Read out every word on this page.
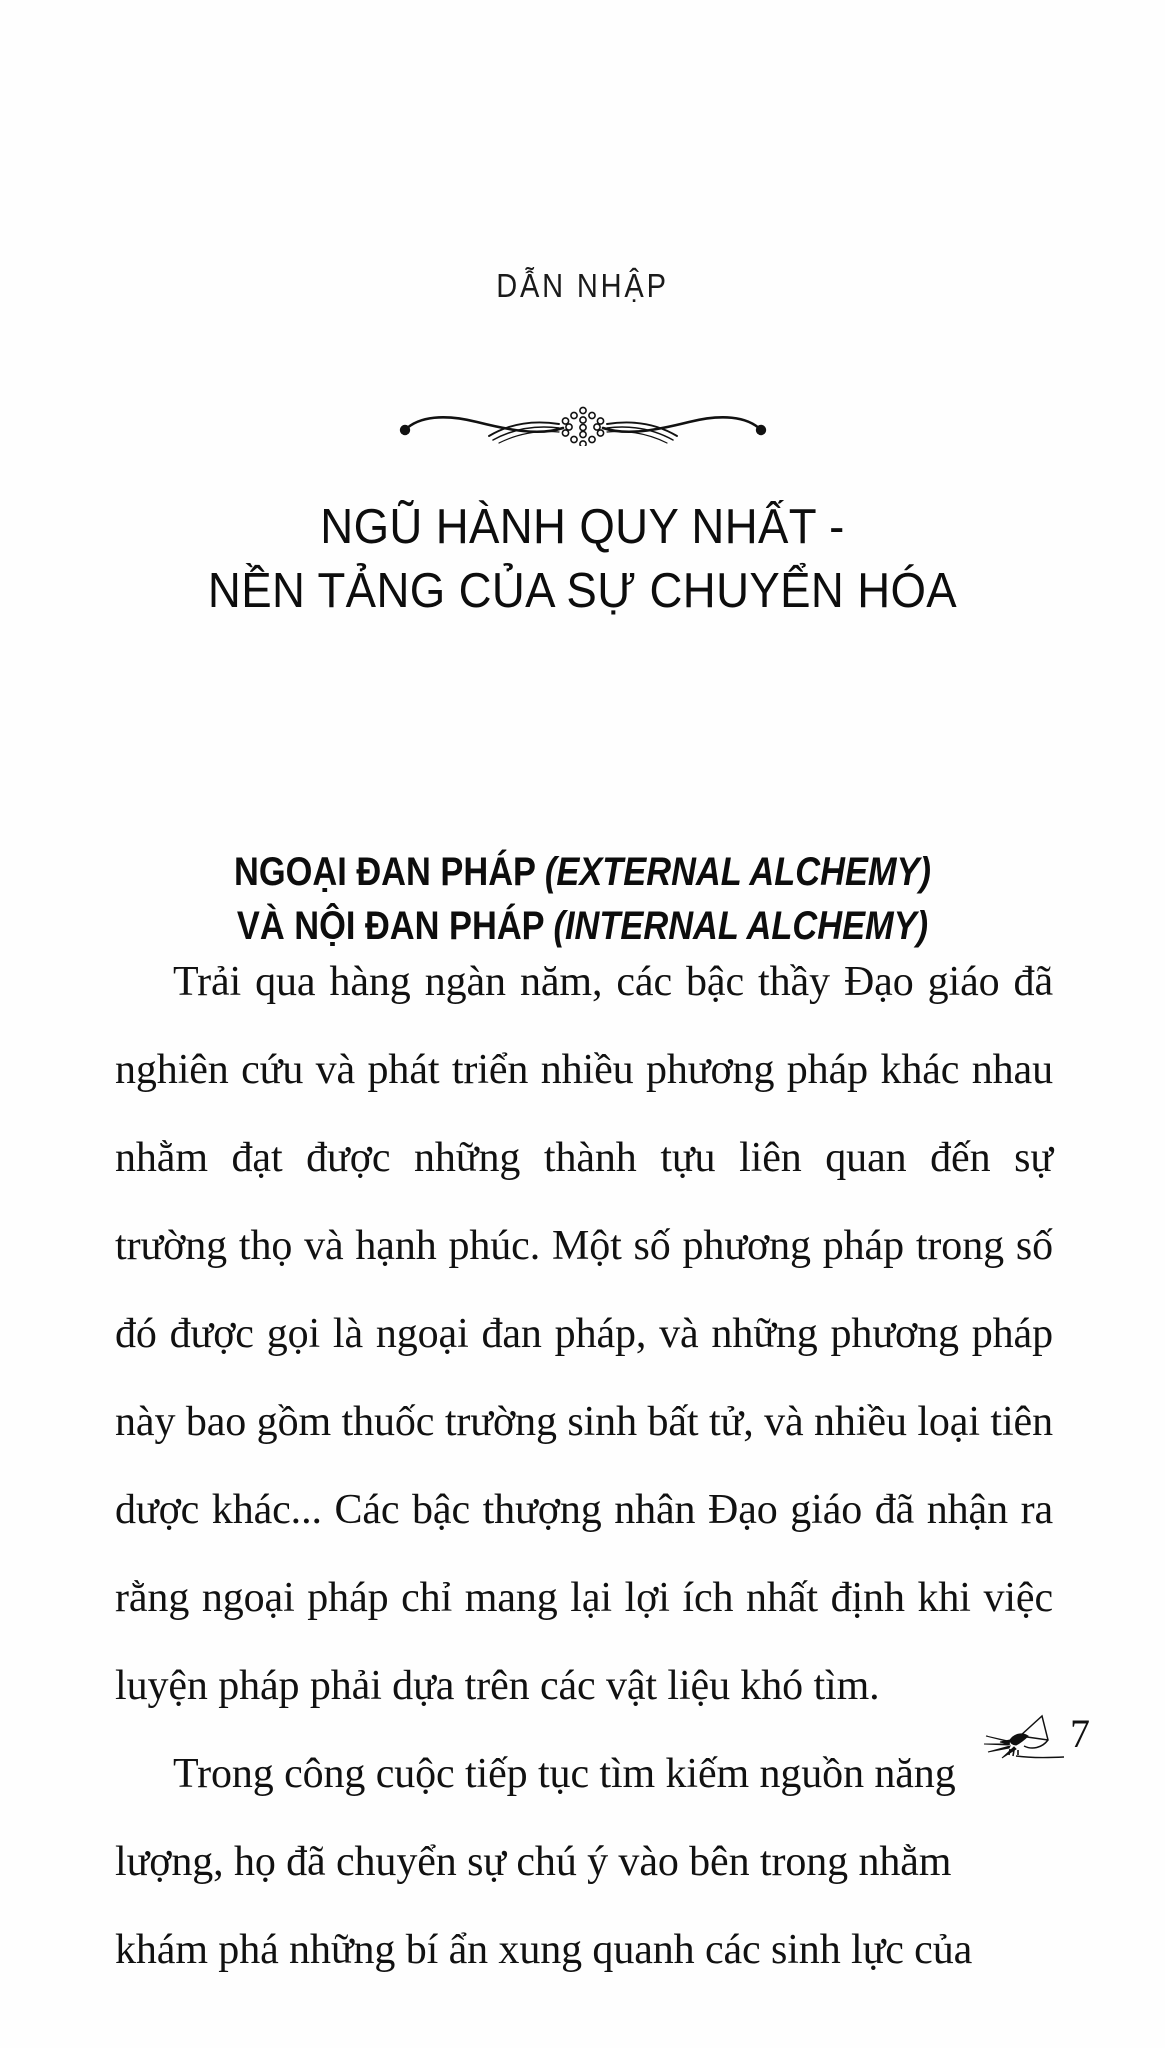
DẪN NHẬP
NGŨ HÀNH QUY NHẤT -
NỀN TẢNG CỦA SỰ CHUYỂN HÓA
NGOẠI ĐAN PHÁP (EXTERNAL ALCHEMY)
VÀ NỘI ĐAN PHÁP (INTERNAL ALCHEMY)

Trải qua hàng ngàn năm, các bậc thầy Đạo giáo đã nghiên cứu và phát triển nhiều phương pháp khác nhau nhằm đạt được những thành tựu liên quan đến sự trường thọ và hạnh phúc. Một số phương pháp trong số đó được gọi là ngoại đan pháp, và những phương pháp này bao gồm thuốc trường sinh bất tử, và nhiều loại tiên dược khác... Các bậc thượng nhân Đạo giáo đã nhận ra rằng ngoại pháp chỉ mang lại lợi ích nhất định khi việc luyện pháp phải dựa trên các vật liệu khó tìm.

Trong công cuộc tiếp tục tìm kiếm nguồn năng lượng, họ đã chuyển sự chú ý vào bên trong nhằm khám phá những bí ẩn xung quanh các sinh lực của

7
